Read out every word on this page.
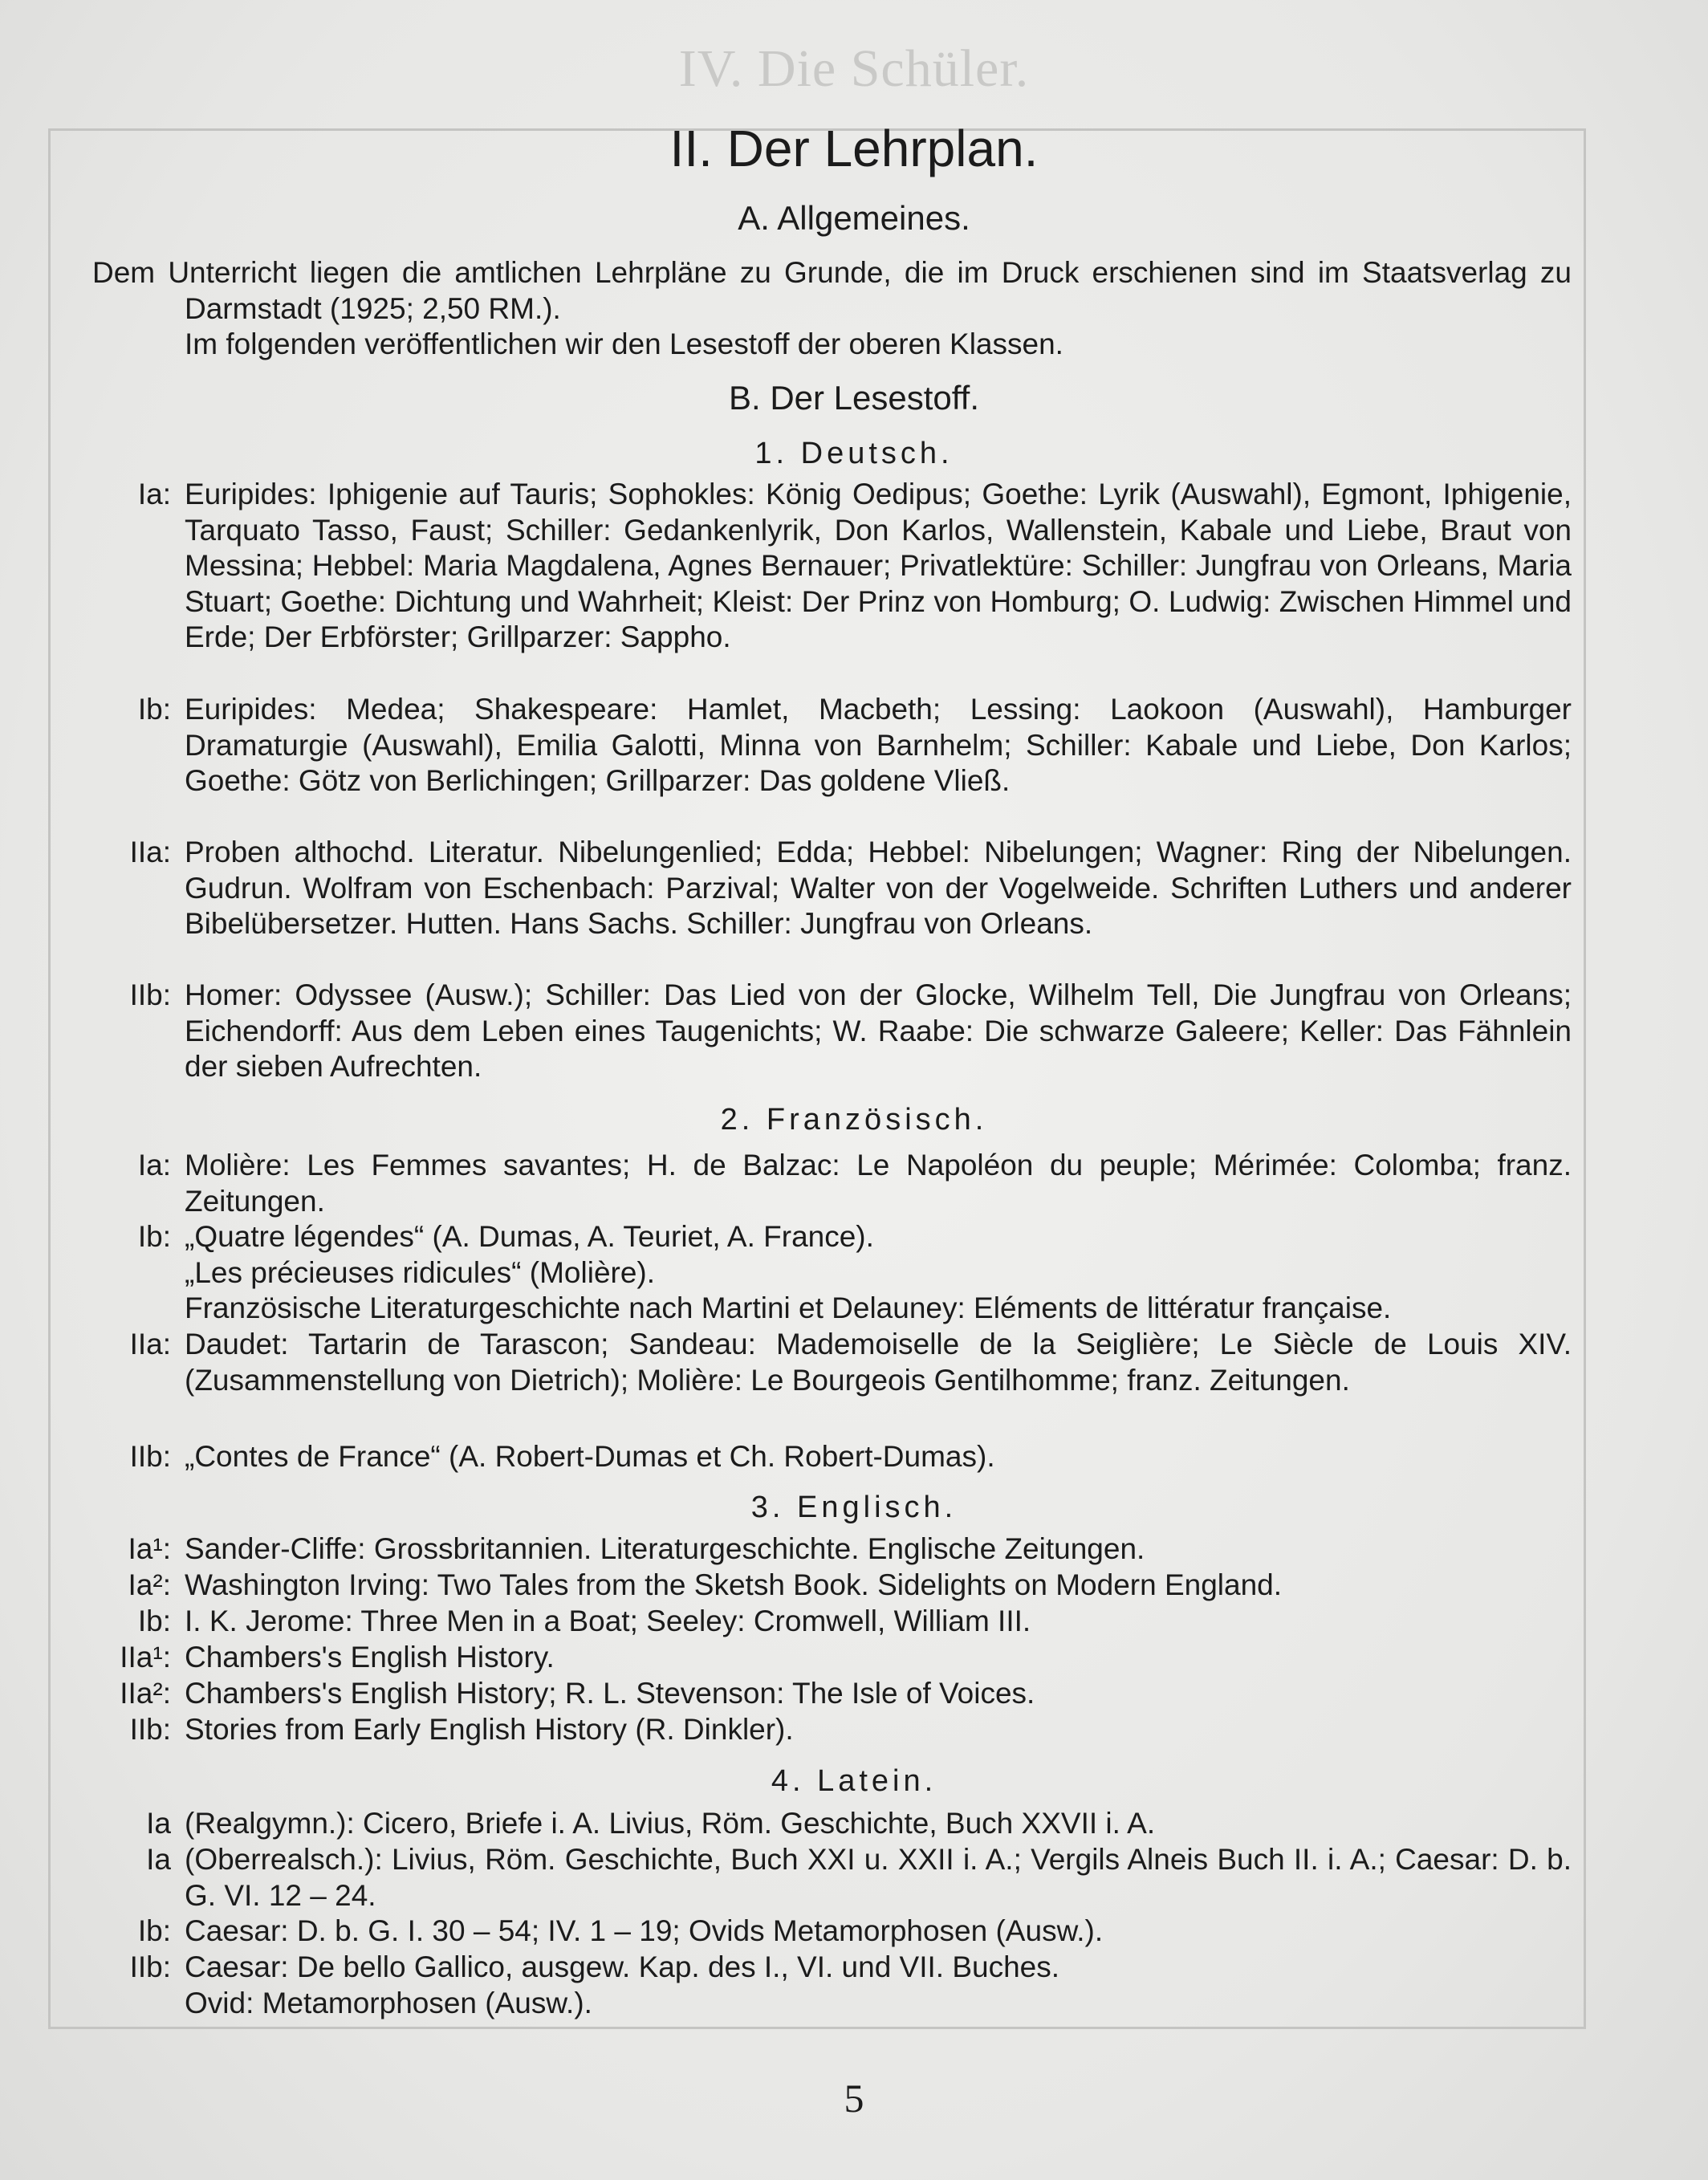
IV. Die Schüler.
II. Der Lehrplan.
A. Allgemeines.
Dem Unterricht liegen die amtlichen Lehrpläne zu Grunde, die im Druck erschienen sind im Staatsverlag zu Darmstadt (1925; 2,50 RM.).
Im folgenden veröffentlichen wir den Lesestoff der oberen Klassen.
B. Der Lesestoff.
1. Deutsch.
Ia: Euripides: Iphigenie auf Tauris; Sophokles: König Oedipus; Goethe: Lyrik (Auswahl), Egmont, Iphigenie, Tarquato Tasso, Faust; Schiller: Gedankenlyrik, Don Karlos, Wallenstein, Kabale und Liebe, Braut von Messina; Hebbel: Maria Magdalena, Agnes Bernauer; Privatlektüre: Schiller: Jungfrau von Orleans, Maria Stuart; Goethe: Dichtung und Wahrheit; Kleist: Der Prinz von Homburg; O. Ludwig: Zwischen Himmel und Erde; Der Erbförster; Grillparzer: Sappho.
Ib: Euripides: Medea; Shakespeare: Hamlet, Macbeth; Lessing: Laokoon (Auswahl), Hamburger Dramaturgie (Auswahl), Emilia Galotti, Minna von Barnhelm; Schiller: Kabale und Liebe, Don Karlos; Goethe: Götz von Berlichingen; Grillparzer: Das goldene Vließ.
IIa: Proben althochd. Literatur. Nibelungenlied; Edda; Hebbel: Nibelungen; Wagner: Ring der Nibelungen. Gudrun. Wolfram von Eschenbach: Parzival; Walter von der Vogelweide. Schriften Luthers und anderer Bibelübersetzer. Hutten. Hans Sachs. Schiller: Jungfrau von Orleans.
IIb: Homer: Odyssee (Ausw.); Schiller: Das Lied von der Glocke, Wilhelm Tell, Die Jungfrau von Orleans; Eichendorff: Aus dem Leben eines Taugenichts; W. Raabe: Die schwarze Galeere; Keller: Das Fähnlein der sieben Aufrechten.
2. Französisch.
Ia: Molière: Les Femmes savantes; H. de Balzac: Le Napoléon du peuple; Mérimée: Colomba; franz. Zeitungen.
Ib: „Quatre légendes“ (A. Dumas, A. Teuriet, A. France).
„Les précieuses ridicules“ (Molière).
Französische Literaturgeschichte nach Martini et Delauney: Eléments de littératur française.
IIa: Daudet: Tartarin de Tarascon; Sandeau: Mademoiselle de la Seiglière; Le Siècle de Louis XIV. (Zusammenstellung von Dietrich); Molière: Le Bourgeois Gentilhomme; franz. Zeitungen.
IIb: „Contes de France“ (A. Robert-Dumas et Ch. Robert-Dumas).
3. Englisch.
Ia¹: Sander-Cliffe: Grossbritannien. Literaturgeschichte. Englische Zeitungen.
Ia²: Washington Irving: Two Tales from the Sketsh Book. Sidelights on Modern England.
Ib: I. K. Jerome: Three Men in a Boat; Seeley: Cromwell, William III.
IIa¹: Chambers's English History.
IIa²: Chambers's English History; R. L. Stevenson: The Isle of Voices.
IIb: Stories from Early English History (R. Dinkler).
4. Latein.
Ia (Realgymn.): Cicero, Briefe i. A. Livius, Röm. Geschichte, Buch XXVII i. A.
Ia (Oberrealsch.): Livius, Röm. Geschichte, Buch XXI u. XXII i. A.; Vergils Alneis Buch II. i. A.; Caesar: D. b. G. VI. 12 – 24.
Ib: Caesar: D. b. G. I. 30 – 54; IV. 1 – 19; Ovids Metamorphosen (Ausw.).
IIb: Caesar: De bello Gallico, ausgew. Kap. des I., VI. und VII. Buches.
Ovid: Metamorphosen (Ausw.).
5
